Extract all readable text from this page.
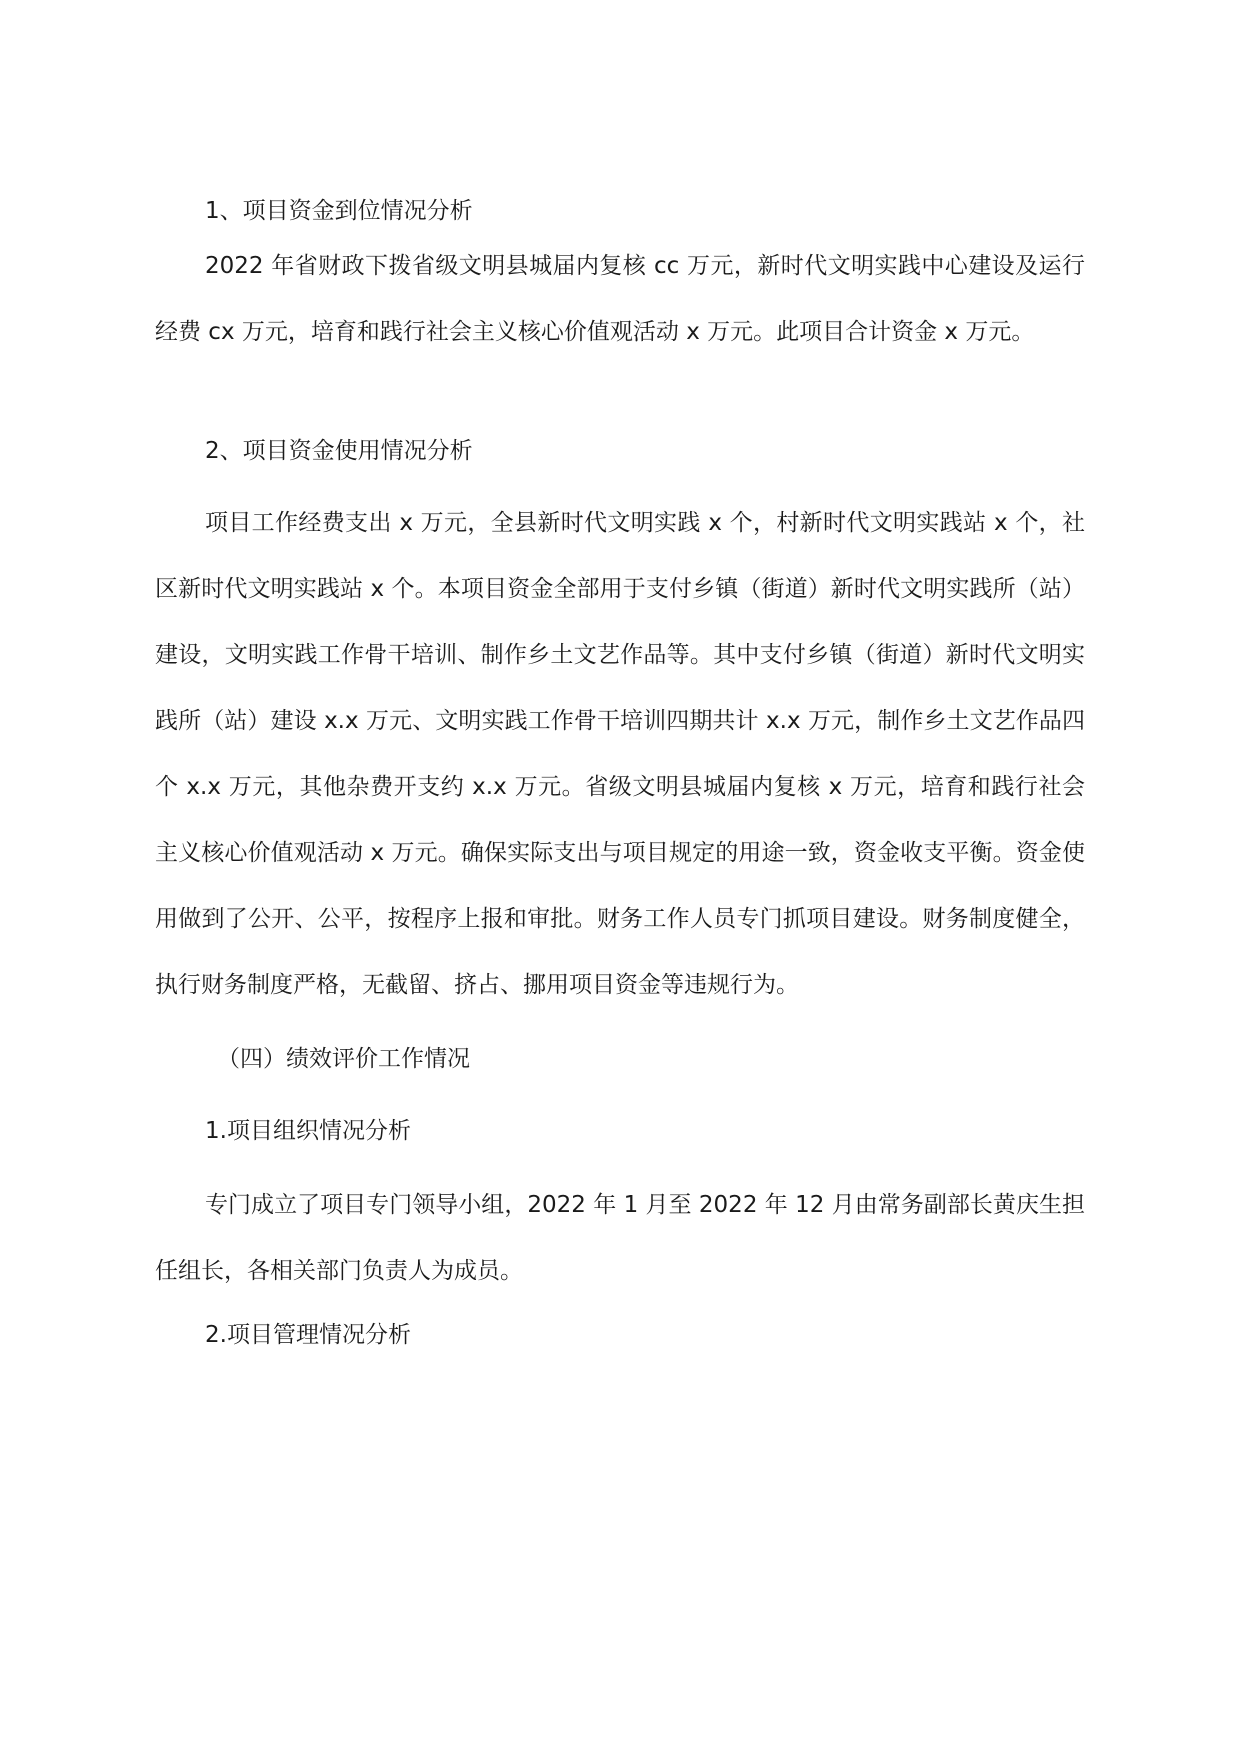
1、项目资金到位情况分析

2022 年省财政下拨省级文明县城届内复核 cc 万元，新时代文明实践中心建设及运行经费 cx 万元，培育和践行社会主义核心价值观活动 x 万元。此项目合计资金 x 万元。

2、项目资金使用情况分析

项目工作经费支出 x 万元，全县新时代文明实践 x 个，村新时代文明实践站 x 个，社区新时代文明实践站 x 个。本项目资金全部用于支付乡镇（街道）新时代文明实践所（站）建设，文明实践工作骨干培训、制作乡土文艺作品等。其中支付乡镇（街道）新时代文明实践所（站）建设 x.x 万元、文明实践工作骨干培训四期共计 x.x 万元，制作乡土文艺作品四个 x.x 万元，其他杂费开支约 x.x 万元。省级文明县城届内复核 x 万元，培育和践行社会主义核心价值观活动 x 万元。确保实际支出与项目规定的用途一致，资金收支平衡。资金使用做到了公开、公平，按程序上报和审批。财务工作人员专门抓项目建设。财务制度健全，执行财务制度严格，无截留、挤占、挪用项目资金等违规行为。

（四）绩效评价工作情况

1.项目组织情况分析

专门成立了项目专门领导小组，2022 年 1 月至 2022 年 12 月由常务副部长黄庆生担任组长，各相关部门负责人为成员。

2.项目管理情况分析
